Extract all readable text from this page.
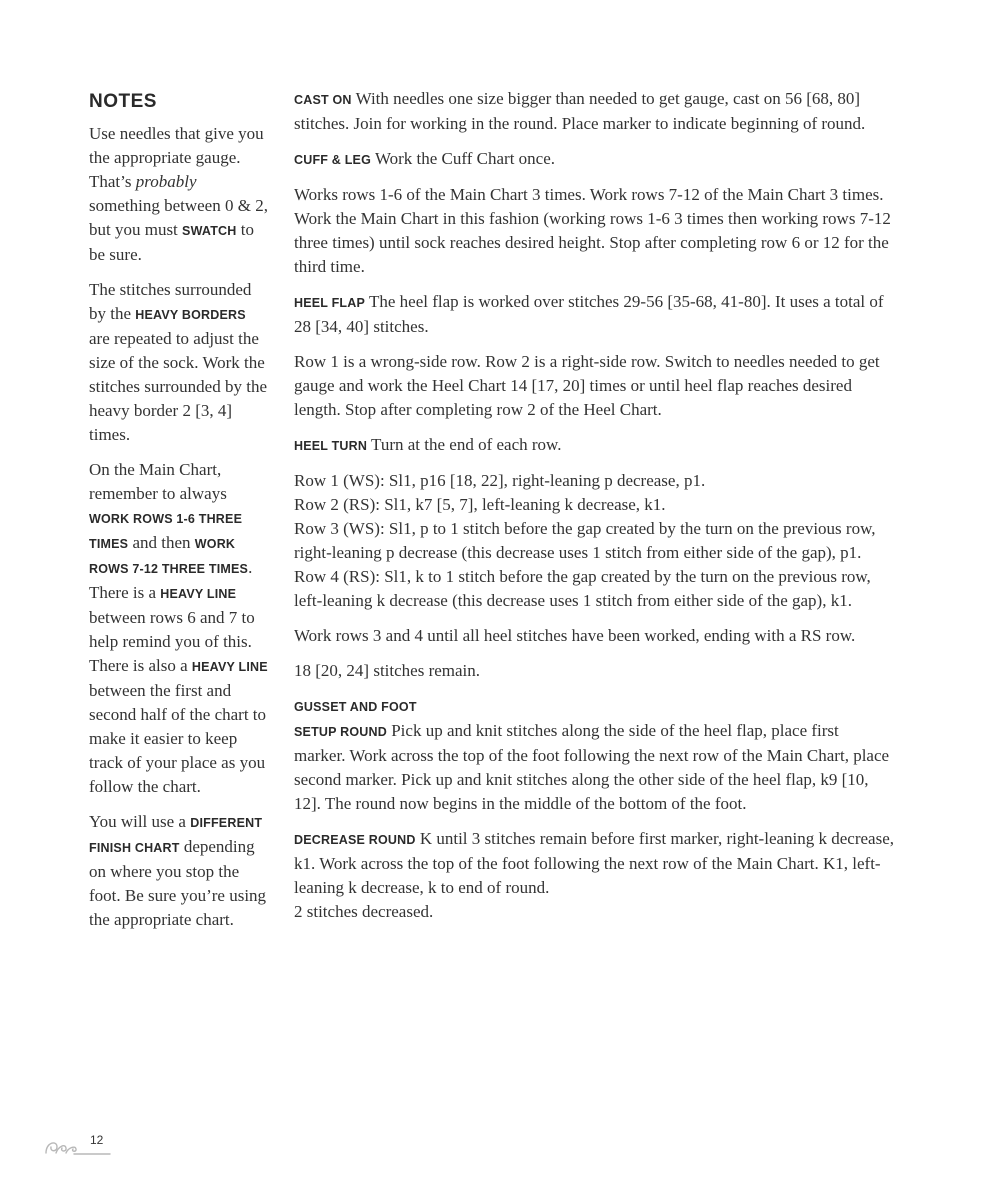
NOTES

Use needles that give you the appropriate gauge. That’s probably something between 0 & 2, but you must SWATCH to be sure.

The stitches surrounded by the HEAVY BORDERS are repeated to adjust the size of the sock. Work the stitches surrounded by the heavy border 2 [3, 4] times.

On the Main Chart, remember to always WORK ROWS 1-6 THREE TIMES and then WORK ROWS 7-12 THREE TIMES. There is a HEAVY LINE between rows 6 and 7 to help remind you of this. There is also a HEAVY LINE between the first and second half of the chart to make it easier to keep track of your place as you follow the chart.

You will use a DIFFERENT FINISH CHART depending on where you stop the foot. Be sure you’re using the appropriate chart.

CAST ON With needles one size bigger than needed to get gauge, cast on 56 [68, 80] stitches. Join for working in the round. Place marker to indicate beginning of round.

CUFF & LEG Work the Cuff Chart once.

Works rows 1-6 of the Main Chart 3 times. Work rows 7-12 of the Main Chart 3 times. Work the Main Chart in this fashion (working rows 1-6 3 times then working rows 7-12 three times) until sock reaches desired height. Stop after completing row 6 or 12 for the third time.

HEEL FLAP The heel flap is worked over stitches 29-56 [35-68, 41-80]. It uses a total of 28 [34, 40] stitches.

Row 1 is a wrong-side row. Row 2 is a right-side row. Switch to needles needed to get gauge and work the Heel Chart 14 [17, 20] times or until heel flap reaches desired length. Stop after completing row 2 of the Heel Chart.

HEEL TURN Turn at the end of each row.

Row 1 (WS): Sl1, p16 [18, 22], right-leaning p decrease, p1.
Row 2 (RS): Sl1, k7 [5, 7], left-leaning k decrease, k1.
Row 3 (WS): Sl1, p to 1 stitch before the gap created by the turn on the previous row, right-leaning p decrease (this decrease uses 1 stitch from either side of the gap), p1.
Row 4 (RS): Sl1, k to 1 stitch before the gap created by the turn on the previous row, left-leaning k decrease (this decrease uses 1 stitch from either side of the gap), k1.

Work rows 3 and 4 until all heel stitches have been worked, ending with a RS row.

18 [20, 24] stitches remain.

GUSSET AND FOOT

SETUP ROUND Pick up and knit stitches along the side of the heel flap, place first marker. Work across the top of the foot following the next row of the Main Chart, place second marker. Pick up and knit stitches along the other side of the heel flap, k9 [10, 12]. The round now begins in the middle of the bottom of the foot.

DECREASE ROUND K until 3 stitches remain before first marker, right-leaning k decrease, k1. Work across the top of the foot following the next row of the Main Chart. K1, left-leaning k decrease, k to end of round.
2 stitches decreased.

12
